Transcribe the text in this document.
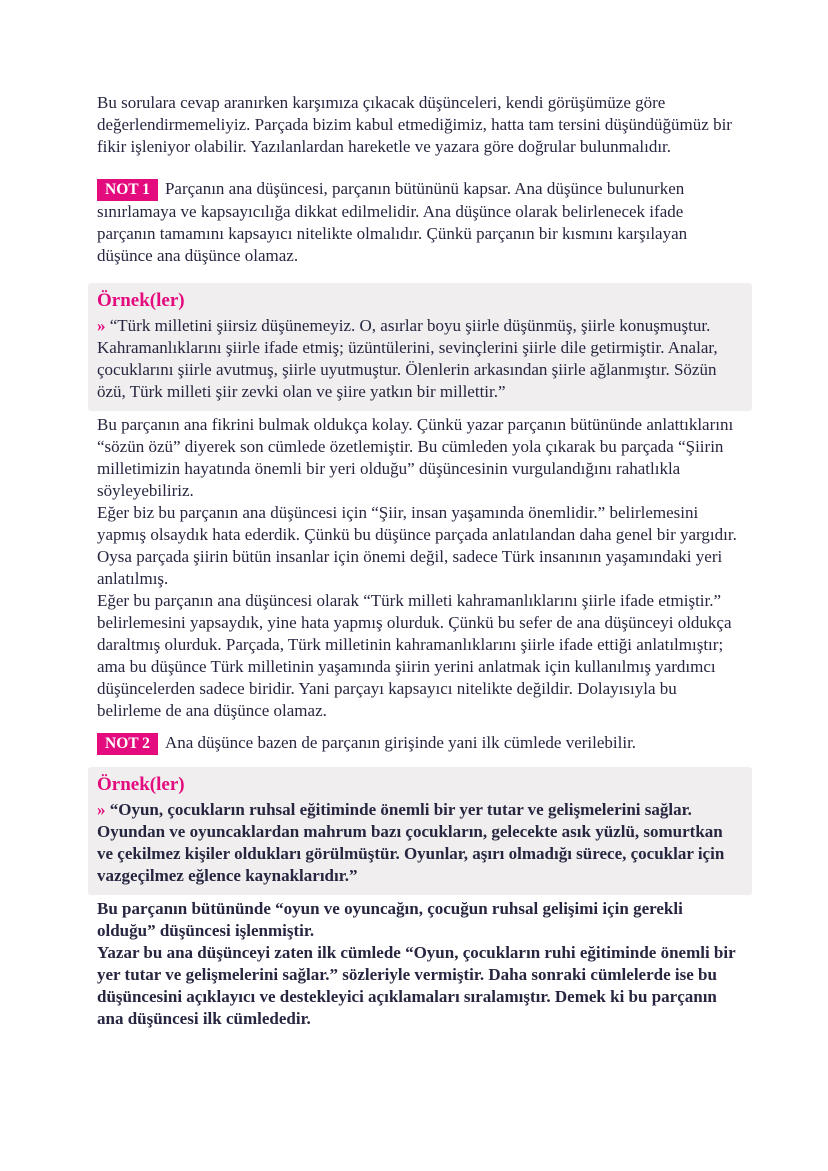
Bu sorulara cevap aranırken karşımıza çıkacak düşünceleri, kendi görüşümüze göre değerlendirmemeliyiz. Parçada bizim kabul etmediğimiz, hatta tam tersini düşündüğümüz bir fikir işleniyor olabilir. Yazılanlardan hareketle ve yazara göre doğrular bulunmalıdır.

NOT 1 Parçanın ana düşüncesi, parçanın bütününü kapsar. Ana düşünce bulunurken sınırlamaya ve kapsayıcılığa dikkat edilmelidir. Ana düşünce olarak belirlenecek ifade parçanın tamamını kapsayıcı nitelikte olmalıdır. Çünkü parçanın bir kısmını karşılayan düşünce ana düşünce olamaz.

Örnek(ler)

» “Türk milletini şiirsiz düşünemeyiz. O, asırlar boyu şiirle düşünmüş, şiirle konuşmuştur. Kahramanlıklarını şiirle ifade etmiş; üzüntülerini, sevinçlerini şiirle dile getirmiştir. Analar, çocuklarını şiirle avutmuş, şiirle uyutmuştur. Ölenlerin arkasından şiirle ağlanmıştır. Sözün özü, Türk milleti şiir zevki olan ve şiire yatkın bir millettir.”

Bu parçanın ana fikrini bulmak oldukça kolay. Çünkü yazar parçanın bütününde anlattıklarını “sözün özü” diyerek son cümlede özetlemiştir. Bu cümleden yola çıkarak bu parçada “Şiirin milletimizin hayatında önemli bir yeri olduğu” düşüncesinin vurgulandığını rahatlıkla söyleyebiliriz.

Eğer biz bu parçanın ana düşüncesi için “Şiir, insan yaşamında önemlidir.” belirlemesini yapmış olsaydık hata ederdik. Çünkü bu düşünce parçada anlatılandan daha genel bir yargıdır. Oysa parçada şiirin bütün insanlar için önemi değil, sadece Türk insanının yaşamındaki yeri anlatılmış.

Eğer bu parçanın ana düşüncesi olarak “Türk milleti kahramanlıklarını şiirle ifade etmiştir.” belirlemesini yapsaydık, yine hata yapmış olurduk. Çünkü bu sefer de ana düşünceyi oldukça daraltmış olurduk. Parçada, Türk milletinin kahramanlıklarını şiirle ifade ettiği anlatılmıştır; ama bu düşünce Türk milletinin yaşamında şiirin yerini anlatmak için kullanılmış yardımcı düşüncelerden sadece biridir. Yani parçayı kapsayıcı nitelikte değildir. Dolayısıyla bu belirleme de ana düşünce olamaz.

NOT 2 Ana düşünce bazen de parçanın girişinde yani ilk cümlede verilebilir.

Örnek(ler)

» “Oyun, çocukların ruhsal eğitiminde önemli bir yer tutar ve gelişmelerini sağlar. Oyundan ve oyuncaklardan mahrum bazı çocukların, gelecekte asık yüzlü, somurtkan ve çekilmez kişiler oldukları görülmüştür. Oyunlar, aşırı olmadığı sürece, çocuklar için vazgeçilmez eğlence kaynaklarıdır.”

Bu parçanın bütününde “oyun ve oyuncağın, çocuğun ruhsal gelişimi için gerekli olduğu” düşüncesi işlenmiştir.

Yazar bu ana düşünceyi zaten ilk cümlede “Oyun, çocukların ruhi eğitiminde önemli bir yer tutar ve gelişmelerini sağlar.” sözleriyle vermiştir. Daha sonraki cümlelerde ise bu düşüncesini açıklayıcı ve destekleyici açıklamaları sıralamıştır. Demek ki bu parçanın ana düşüncesi ilk cümlededir.
